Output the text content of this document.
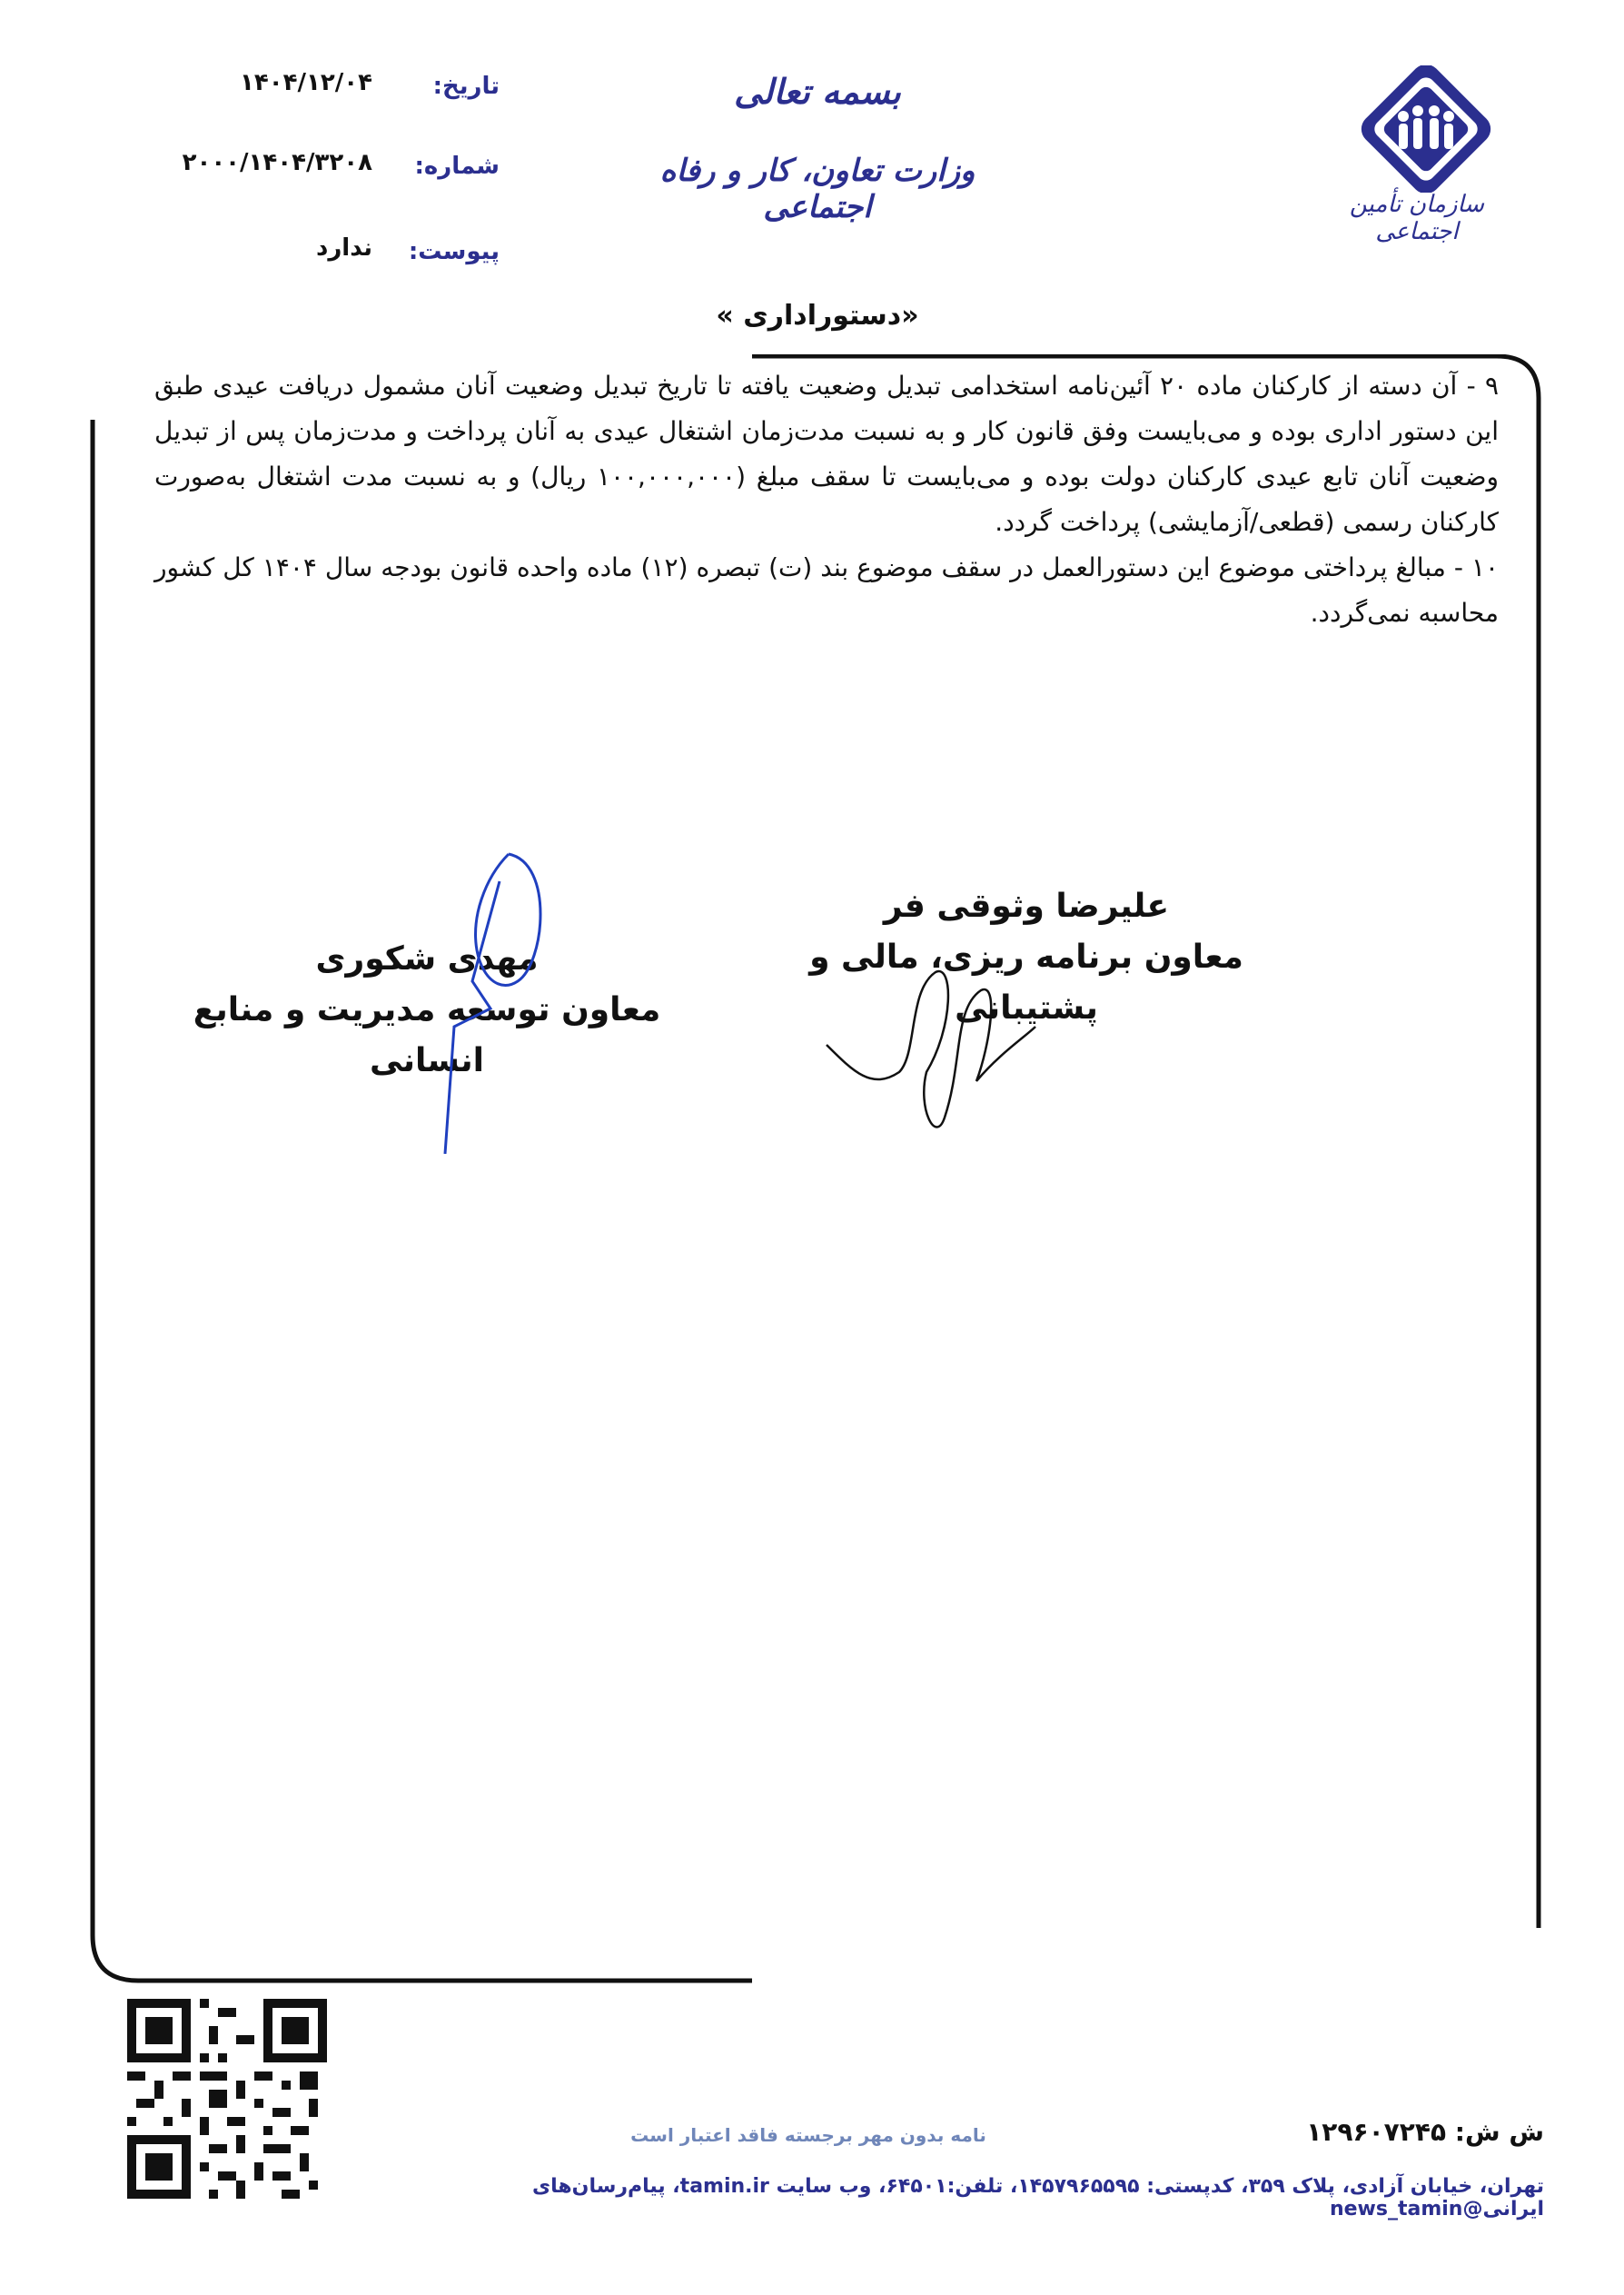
سازمان تأمین اجتماعی
بسمه تعالی
وزارت تعاون، کار و رفاه اجتماعی
تاریخ:
۱۴۰۴/۱۲/۰۴
شماره:
۲۰۰۰/۱۴۰۴/۳۲۰۸
پیوست:
ندارد
«دستوراداری »

۹ - آن دسته از کارکنان ماده ۲۰ آئین‌نامه استخدامی تبدیل وضعیت یافته تا تاریخ تبدیل وضعیت آنان مشمول دریافت عیدی طبق این دستور اداری بوده و می‌بایست وفق قانون کار و به نسبت مدت‌زمان اشتغال عیدی به آنان پرداخت و مدت‌زمان پس از تبدیل وضعیت آنان تابع عیدی کارکنان دولت بوده و می‌بایست تا سقف مبلغ (۱۰۰,۰۰۰,۰۰۰ ریال) و به نسبت مدت اشتغال به‌صورت کارکنان رسمی (قطعی/آزمایشی) پرداخت گردد.

۱۰ - مبالغ پرداختی موضوع این دستورالعمل در سقف موضوع بند (ت) تبصره (۱۲) ماده واحده قانون بودجه سال ۱۴۰۴ کل کشور محاسبه نمی‌گردد.

علیرضا وثوقی فر
معاون برنامه ریزی، مالی و
پشتیبانی
مهدی شکوری
معاون توسعه مدیریت و منابع انسانی
نامه بدون مهر برجسته فاقد اعتبار است	ش ش: ۱۲۹۶۰۷۲۴۵
تهران، خیابان آزادی، پلاک ۳۵۹، کدپستی: ۱۴۵۷۹۶۵۵۹۵، تلفن:۶۴۵۰۱، وب سایت tamin.ir، پیام‌رسان‌های ایرانی@news_tamin
